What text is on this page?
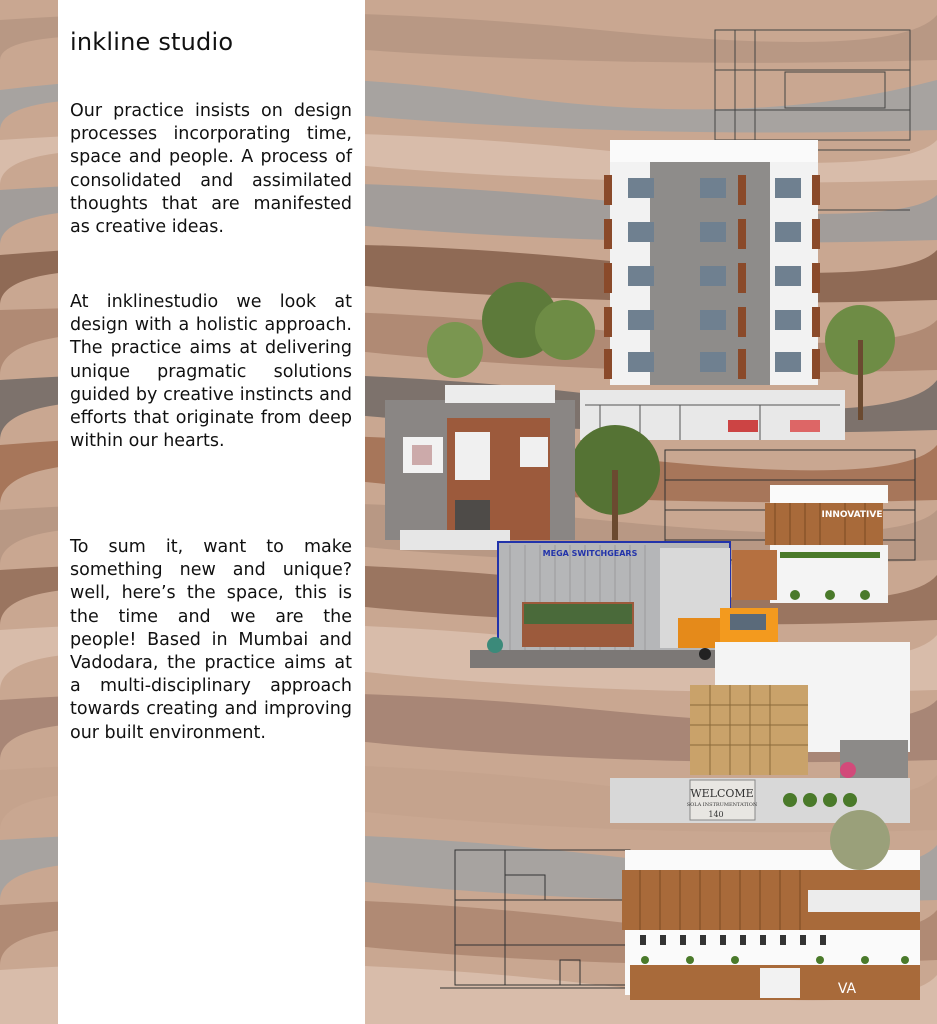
inkline studio

Our practice insists on design processes incorporating time, space and people. A process of consolidated and assimilated thoughts that are manifested as creative ideas.

At inklinestudio we look at design with a holistic approach. The practice aims at delivering unique pragmatic solutions guided by creative instincts and efforts that originate from deep within our hearts.

To sum it, want to make something new and unique? well, here’s the space, this is the time and we are the people! Based in Mumbai and Vadodara, the practice aims at a multi-disciplinary approach towards creating and improving our built environment.

INNOVATIVE
MEGA SWITCHGEARS
WELCOME
SOLA INSTRUMENTATION
140
VA
